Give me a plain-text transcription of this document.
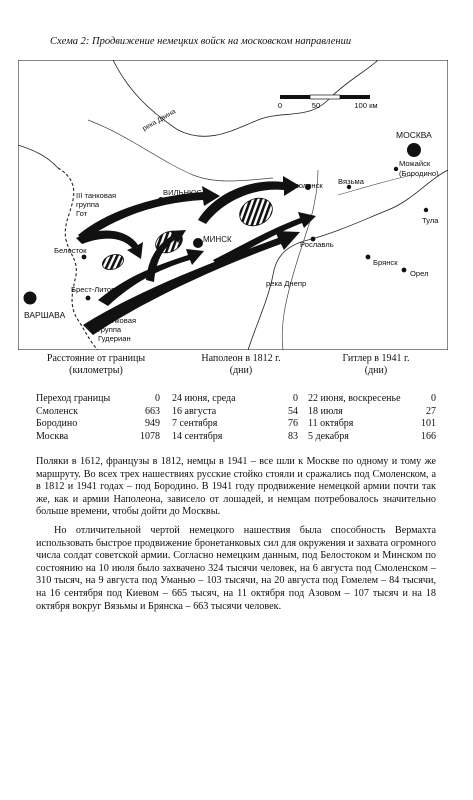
Схема 2: Продвижение немецких войск на московском направлении
0	50	100 км
МОСКВА
Можайск
(Бородино)
Тула
Смоленск Вязьма
ВИЛЬНЮС
МИНСК
Рославль
Брянск
Орел
Белосток
Брест-Литовск
ВАРШАВА
река Двина
река Днепр
III танковая
группа
Гот
II танковая
группа
Гудериан
Расстояние от границы
(километры)
Наполеон в 1812 г.
(дни)
Гитлер в 1941 г.
(дни)
Переход границы	0 24 июня, среда	0 22 июня, воскресенье	0
Смоленск	663 16 августа	54 18 июля	27
Бородино	949 7 сентября	76 11 октября	101
Москва	1078 14 сентября	83 5 декабря	166

Поляки в 1612, французы в 1812, немцы в 1941 – все шли к Москве по одному и тому же маршруту. Во всех трех нашествиях русские стойко стояли и сражались под Смоленском, а в 1812 и 1941 годах – под Бородино. В 1941 году продвижение немецкой армии почти так же, как и армии Наполеона, зависело от лошадей, и немцам потребовалось значительно больше времени, чтобы дойти до Москвы.

Но отличительной чертой немецкого нашествия была способность Вермахта использовать быстрое продвижение бронетанковых сил для окружения и захвата огромного числа солдат советской армии. Согласно немецким данным, под Белостоком и Минском по состоянию на 10 июля было захвачено 324 тысячи человек, на 6 августа под Смоленском – 310 тысяч, на 9 августа под Уманью – 103 тысячи, на 20 августа под Гомелем – 84 тысячи, на 16 сентября под Киевом – 665 тысяч, на 11 октября под Азовом – 107 тысяч и на 18 октября вокруг Вязьмы и Брянска – 663 тысячи человек.
